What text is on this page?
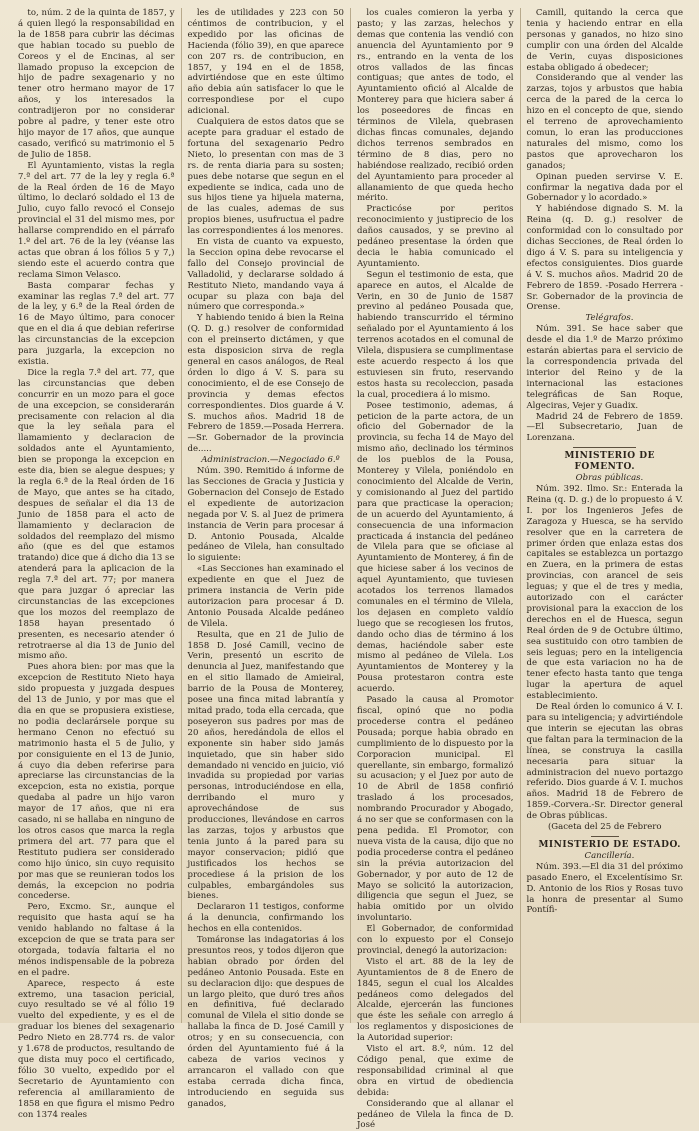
to, núm. 2 de la quinta de 1857, y á quien llegó la responsabilidad en la de 1858 para cubrir las décimas que habian tocado su pueblo de Coreos y el de Encinas, al ser llamado propuso la excepcion de hijo de padre sexagenario y no tener otro hermano mayor de 17 años, y los interesados la contradijeron por no considerar pobre al padre, y tener este otro hijo mayor de 17 años, que aunque casado, verificó su matrimonio el 5 de Julio de 1858.

El Ayuntamiento, vistas la regla 7.ª del art. 77 de la ley y regla 6.ª de la Real órden de 16 de Mayo último, lo declaró soldado el 13 de Julio, cuyo fallo revocó el Consejo provincial el 31 del mismo mes, por hallarse comprendido en el párrafo 1.º del art. 76 de la ley (véanse las actas que obran á los fólios 5 y 7,) siendo este el acuerdo contra que reclama Simon Velasco.

Basta comparar fechas y examinar las reglas 7.ª del art. 77 de la ley, y 6.ª de la Real órden de 16 de Mayo último, para conocer que en el dia á que debian referirse las circunstancias de la excepcion para juzgarla, la excepcion no existia.

Dice la regla 7.ª del art. 77, que las circunstancias que deben concurrir en un mozo para el goce de una excepcion, se considerarán precisamente con relacion al dia que la ley señala para el llamamiento y declaracion de soldados ante el Ayuntamiento, bien se proponga la excepcion en este dia, bien se alegue despues; y la regla 6.ª de la Real órden de 16 de Mayo, que antes se ha citado, despues de señalar el dia 13 de Junio de 1858 para el acto de llamamiento y declaracion de soldados del reemplazo del mismo año (que es del que estamos tratando) dice que á dicho dia 13 se atenderá para la aplicacion de la regla 7.ª del art. 77; por manera que para juzgar ó apreciar las circunstancias de las excepciones que los mozos del reemplazo de 1858 hayan presentado ó presenten, es necesario atender ó retrotraerse al dia 13 de Junio del mismo año.

Pues ahora bien: por mas que la excepcion de Restituto Nieto haya sido propuesta y juzgada despues del 13 de Junio, y por mas que el dia en que se propusiera existiese, no podia declarársele porque su hermano Cenon no efectuó su matrimonio hasta el 5 de Julio, y por consiguiente en el 13 de Junio, á cuyo dia deben referirse para apreciarse las circunstancias de la excepcion, esta no existia, porque quedaba al padre un hijo varon mayor de 17 años, que ni era casado, ni se hallaba en ninguno de los otros casos que marca la regla primera del art. 77 para que el Restituto pudiera ser considerado como hijo único, sin cuyo requisito por mas que se reunieran todos los demás, la excepcion no podria concederse.

Pero, Excmo. Sr., aunque el requisito que hasta aquí se ha venido hablando no faltase á la excepcion de que se trata para ser otorgada, todavía faltaria el no ménos indispensable de la pobreza en el padre.

Aparece, respecto á este extremo, una tasacion pericial, cuyo resultado se vé al fólio 19 vuelto del expediente, y es el de graduar los bienes del sexagenario Pedro Nieto en 28.774 rs. de valor y 1.678 de productos, resultando de que dista muy poco el certificado, fólio 30 vuelto, expedido por el Secretario de Ayuntamiento con referencia al amillaramiento de 1858 en que figura el mismo Pedro con 1374 reales

les de utilidades y 223 con 50 céntimos de contribucion, y el expedido por las oficinas de Hacienda (fólio 39), en que aparece con 207 rs. de contribucion, en 1857, y 194 en el de 1858, advirtiéndose que en este último año debia aún satisfacer lo que le correspondiese por el cupo adicional.

Cualquiera de estos datos que se acepte para graduar el estado de fortuna del sexagenario Pedro Nieto, lo presentan con mas de 3 rs. de renta diaria para su sosten; pues debe notarse que segun en el expediente se indica, cada uno de sus hijos tiene ya hijuela materna, de las cuales, ademas de sus propios bienes, usufructua el padre las correspondientes á los menores.

En vista de cuanto va expuesto, la Seccion opina debe revocarse el fallo del Consejo provincial de Valladolid, y declararse soldado á Restituto Nieto, mandando vaya á ocupar su plaza con baja del número que corresponda.»

Y habiendo tenido á bien la Reina (Q. D. g.) resolver de conformidad con el preinserto dictámen, y que esta disposicion sirva de regla general en casos análogos, de Real órden lo digo á V. S. para su conocimiento, el de ese Consejo de provincia y demas efectos correspondientes. Dios guarde á V. S. muchos años. Madrid 18 de Febrero de 1859.—Posada Herrera.—Sr. Gobernador de la provincia de.....

Administracion.—Negociado 6.º

Núm. 390. Remitido á informe de las Secciones de Gracia y Justicia y Gobernacion del Consejo de Estado el expediente de autorizacion negada por V. S. al Juez de primera instancia de Verin para procesar á D. Antonio Pousada, Alcalde pedáneo de Vilela, han consultado lo siguiente:

«Las Secciones han examinado el expediente en que el Juez de primera instancia de Verin pide autorizacion para procesar á D. Antonio Pousada Alcalde pedáneo de Vilela.

Resulta, que en 21 de Julio de 1858 D. José Camill, vecino de Verin, presentó un escrito de denuncia al Juez, manifestando que en el sitio llamado de Amieiral, barrio de la Pousa de Monterey, posee una finca mitad labrantía y mitad prado, toda ella cercada, que poseyeron sus padres por mas de 20 años, heredándola de ellos el exponente sin haber sido jamás inquietado, que sin haber sido demandado ni vencido en juicio, vió invadida su propiedad por varias personas, introduciéndose en ella, derribando el muro y aprovechándose de sus producciones, llevándose en carros las zarzas, tojos y arbustos que tenia junto á la pared para su mayor conservacion; pidió que justificados los hechos se procediese á la prision de los culpables, embargándoles sus bienes.

Declararon 11 testigos, conforme á la denuncia, confirmando los hechos en ella contenidos.

Tomáronse las indagatorias á los presuntos reos, y todos dijeron que habian obrado por órden del pedáneo Antonio Pousada. Este en su declaracion dijo: que despues de un largo pleito, que duró tres años en definitiva, fué declarado comunal de Vilela el sitio donde se hallaba la finca de D. José Camill y otros; y en su consecuencia, con órden del Ayuntamiento fué á la cabeza de varios vecinos y arrancaron el vallado con que estaba cerrada dicha finca, introduciendo en seguida sus ganados,

los cuales comieron la yerba y pasto; y las zarzas, helechos y demas que contenia las vendió con anuencia del Ayuntamiento por 9 rs., entrando en la venta de los otros vallados de las fincas contiguas; que antes de todo, el Ayuntamiento ofició al Alcalde de Monterey para que hiciera saber á los poseedores de fincas en términos de Vilela, quebrasen dichas fincas comunales, dejando dichos terrenos sembrados en término de 8 dias, pero no habiéndose realizado, recibió orden del Ayuntamiento para proceder al allanamiento de que queda hecho mérito.

Practicóse por peritos reconocimiento y justiprecio de los daños causados, y se previno al pedáneo presentase la órden que decia le habia comunicado el Ayuntamiento.

Segun el testimonio de esta, que aparece en autos, el Alcalde de Verin, en 30 de Junio de 1587 previno al pedáneo Pousada que, habiendo transcurrido el término señalado por el Ayuntamiento á los terrenos acotados en el comunal de Vilela, dispusiera se cumplimentase este acuerdo respecto á los que estuviesen sin fruto, reservando estos hasta su recoleccion, pasada la cual, procediera á lo mismo.

Posee testimonio, ademas, á peticion de la parte actora, de un oficio del Gobernador de la provincia, su fecha 14 de Mayo del mismo año, declinado los términos de los pueblos de la Pousa, Monterey y Vilela, poniéndolo en conocimiento del Alcalde de Verin, y comisionando al Juez del partido para que practicase la operacion; de un acuerdo del Ayuntamiento, á consecuencia de una informacion practicada á instancia del pedáneo de Vilela para que se oficiase al Ayuntamiento de Monterey, á fin de que hiciese saber á los vecinos de aquel Ayuntamiento, que tuviesen acotados los terrenos llamados comunales en el término de Vilela, los dejasen en completo valdío luego que se recogiesen los frutos, dando ocho dias de término á los demas, haciéndole saber este mismo al pedáneo de Vilela. Los Ayuntamientos de Monterey y la Pousa protestaron contra este acuerdo.

Pasado la causa al Promotor fiscal, opinó que no podia procederse contra el pedáneo Pousada; porque habia obrado en cumplimiento de lo dispuesto por la Corporacion municipal. El querellante, sin embargo, formalizó su acusacion; y el Juez por auto de 10 de Abril de 1858 confirió traslado á los procesados, nombrando Procurador y Abogado, á no ser que se conformasen con la pena pedida. El Promotor, con nueva vista de la causa, dijo que no podia procederse contra el pedáneo sin la prévia autorizacion del Gobernador, y por auto de 12 de Mayo se solicitó la autorizacion, diligencia que segun el Juez, se habia omitido por un olvido involuntario.

El Gobernador, de conformidad con lo expuesto por el Consejo provincial, denegó la autorizacion:

Visto el art. 88 de la ley de Ayuntamientos de 8 de Enero de 1845, segun el cual los Alcaldes pedáneos como delegados del Alcalde, ejercerán las funciones que éste les señale con arreglo á los reglamentos y disposiciones de la Autoridad superior:

Visto el art. 8.º, núm. 12 del Código penal, que exime de responsabilidad criminal al que obra en virtud de obediencia debida:

Considerando que al allanar el pedáneo de Vilela la finca de D. José

Camill, quitando la cerca que tenia y haciendo entrar en ella personas y ganados, no hizo sino cumplir con una órden del Alcalde de Verin, cuyas disposiciones estaba obligado á obedecer;

Considerando que al vender las zarzas, tojos y arbustos que habia cerca de la pared de la cerca lo hizo en el concepto de que, siendo el terreno de aprovechamiento comun, lo eran las producciones naturales del mismo, como los pastos que aprovecharon los ganados;

Opinan pueden servirse V. E. confirmar la negativa dada por el Gobernador y lo acordado.»

Y habiéndose dignado S. M. la Reina (q. D. g.) resolver de conformidad con lo consultado por dichas Secciones, de Real órden lo digo á V. S. para su inteligencia y efectos consiguientes. Dios guarde á V. S. muchos años. Madrid 20 de Febrero de 1859. -Posado Herrera -Sr. Gobernador de la provincia de Orense.

Telégrafos.

Núm. 391. Se hace saber que desde el dia 1.º de Marzo próximo estarán abiertas para el servicio de la correspondencia privada del interior del Reino y de la internacional las estaciones telegráficas de San Roque, Algeciras, Vejer y Guadix.

Madrid 24 de Febrero de 1859. —El Subsecretario, Juan de Lorenzana.

MINISTERIO DE FOMENTO.

Obras públicas.

Núm. 392. Ilmo. Sr.: Enterada la Reina (q. D. g.) de lo propuesto á V. I. por los Ingenieros Jefes de Zaragoza y Huesca, se ha servido resolver que en la carretera de primer órden que enlaza estas dos capitales se establezca un portazgo en Zuera, en la primera de estas provincias, con arancel de seis leguas; y que el de tres y media, autorizado con el carácter provisional para la exaccion de los derechos en el de Huesca, segun Real órden de 9 de Octubre último, sea sustituido con otro tambien de seis leguas; pero en la inteligencia de que esta variacion no ha de tener efecto hasta tanto que tenga lugar la apertura de aquel establecimiento.

De Real órden lo comunico á V. I. para su inteligencia; y advirtiéndole que interin se ejecutan las obras que faltan para la terminacion de la línea, se construya la casilla necesaria para situar la administracion del nuevo portazgo referido. Dios guarde á V. I. muchos años. Madrid 18 de Febrero de 1859.-Corvera.-Sr. Director general de Obras públicas.

(Gaceta del 25 de Febrero

MINISTERIO DE ESTADO.

Cancillería.

Núm. 393.—El dia 31 del próximo pasado Enero, el Excelentísimo Sr. D. Antonio de los Rios y Rosas tuvo la honra de presentar al Sumo Pontífi-
